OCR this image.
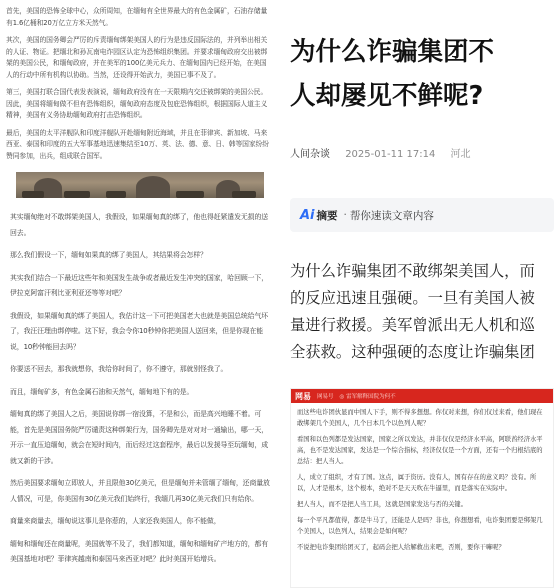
首先，美国的恐怖全球中心，众所周知，在缅甸有全世界最大的有色金属矿，石油存储量有1.6亿桶和20万亿立方米天然气。

其次，美国的国务卿会严厉的斥责缅甸绑架美国人的行为是违反国际法的，并列举出相关的人证、物证。把缅北和孙瓦南电诈园区认定为恐怖组织集团。并要求缅甸政府交出被绑架的美国公民，和缅甸政府，并在美军的100亿美元兵力、在缅甸国内已经开始，在美国人的行动中所有机构以协助。当然，还设得开始武力，美国已事不及了。

第三，美国打联合国代表发表演说，缅甸政府没有在一天限期内交还被绑架的美国公民。因此，美国将缅甸做不但有恐怖组织，缅甸政府态度及包庇恐怖组织，根据国际人道主义精神，美国有义务协助缅甸政府打击恐怖组织。

最后，美国的太平洋舰队和印度洋舰队开赴缅甸附近海域，并且在菲律宾、新加坡、马来西亚、泰国和印度的五大军事基地迅速集结至10万、英、法、德、意、日、韩等国家纷纷赞同参加，出兵，组成联合国军。

其实缅甸绝对不敢绑架美国人，我假设，如果缅甸真的绑了，他也得赶紧遣发无损的送回去。

那么我们假设一下，缅甸如果真的绑了美国人，其结果将会怎样？

其实我们结合一下最近这些年和美国发生战争或者最近发生冲突的国家，哈回顾一下，伊拉克阿富汗利比亚利亚还等等对吧？

我假设，如果缅甸真的绑了美国人，我估计这一下可把美国老大也就是美国总统给气坏了，我汪汪理由绑停啦。这下好，我会令你10秒钟你把美国人送回来，但是你现在能说，10秒钟能回去吗？

你要送不回去，那我就想你，我给你时间了，你不遵守，那就别怪我了。

而且，缅甸矿多，有色金属石油和天然气，缅甸地下有的是。

缅甸真的绑了美国人之后，美国说你绑一宿没算，不是和公，而是高兴地睡不着。可能，首先是美国国务院严厉谴责这种绑架行为，国务卿先是对对对一通输出，哪一天，开示一直压迫缅甸，就会在短时间内，而后经过这套程序，最后以发援导至玩缅甸，成就又新的干涉。

然后美国要求缅甸立即放人，并且限他30亿美元，但是缅甸并未管缅了缅甸，还商量放人情况，可是，你美国有30亿美元我们始终行，我缅几再30亿美元我们只有给你。

商量来商量去，缅甸说这事儿是你惹的，人家还我美国人，你不能做，

缅甸和缅甸还在商量呢，美国就等不及了，我们都知道，缅甸和缅甸矿产地方的，都有美国基地对吧？菲律宾越南和泰国马来西亚对吧？此时美国开始增兵。

为什么诈骗集团不
人却屡见不鲜呢?
人间杂谈 2025-01-11 17:14 河北
Ai 摘要 · 帮你速读文章内容
为什么诈骗集团不敢绑架美国人，而
的反应迅速且强硬。一旦有美国人被
量进行救援。美军曾派出无人机和巡
全获救。这种强硬的态度让诈骗集团
网易 网易号 ◎ 雷军解释国院为何不

而这些电诈团伙显而中国人下手，则不得多想想。你仅对来想，你们仅过来看，他们现在敢绑架几个美国人，几个日本几个以色列人呢？

看国和以色列都是发达国家，国家之所以发达，并非仅仅是经济水平高，阿联酋经济水平高，也不是发达国家，发达是一个综合指标，经济仅仅是一个方面，还有一个归根结底的总结：把人当人。

人，成立了组织，才有了国。这点，属于资历。没有人，国有存在的意义吗？没有。所以，人才是根本，这个根本，绝对不是天天吹在牛逼里，而是落实在实际中。

把人当人，而不是把人当工具，这就是国家发达与否的关键。

每一个平凡都值得，都是牛马了，还能是人是吗？非也，你想想看，电诈集团要是绑架几个美国人，以色列人，结果会是如何呢？

不说把电诈集团给团灭了，起码会把人给解救出来吧，否则，要你干嘛呢？
